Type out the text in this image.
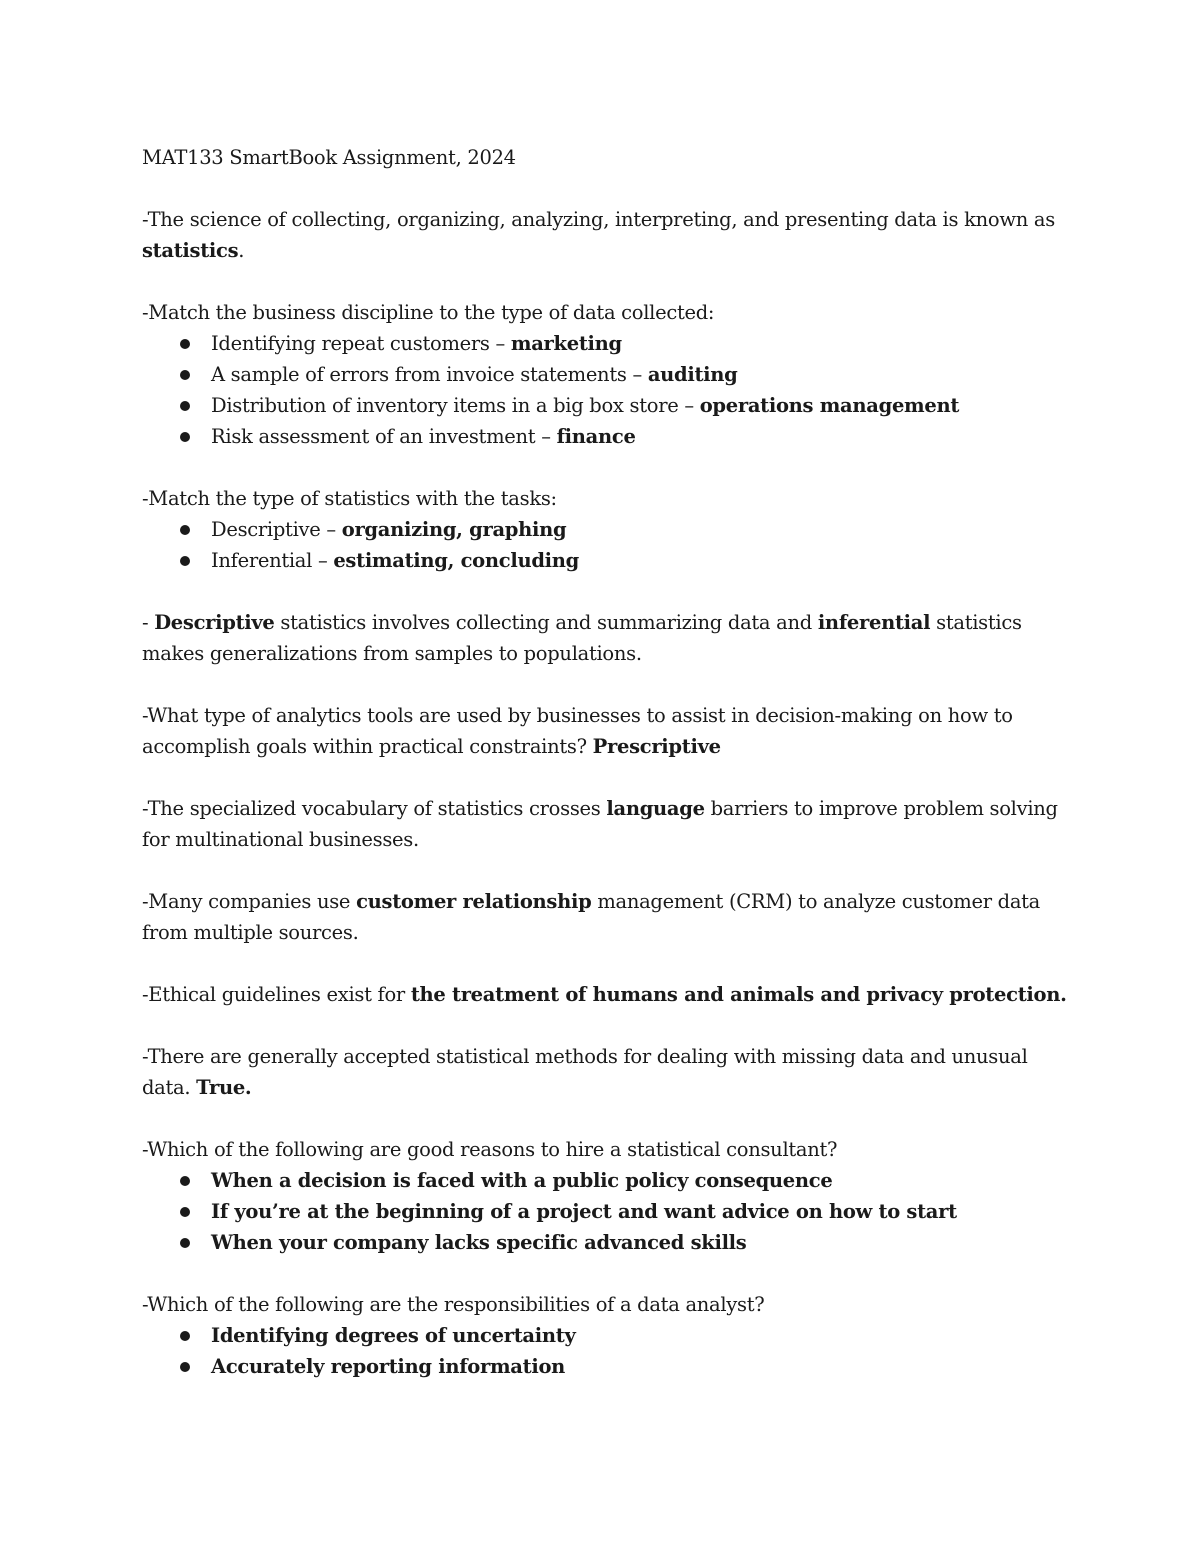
MAT133 SmartBook Assignment, 2024

-The science of collecting, organizing, analyzing, interpreting, and presenting data is known as statistics.

-Match the business discipline to the type of data collected:
Identifying repeat customers – marketing
A sample of errors from invoice statements – auditing
Distribution of inventory items in a big box store – operations management
Risk assessment of an investment – finance
-Match the type of statistics with the tasks:
Descriptive – organizing, graphing
Inferential – estimating, concluding

- Descriptive statistics involves collecting and summarizing data and inferential statistics makes generalizations from samples to populations.

-What type of analytics tools are used by businesses to assist in decision-making on how to accomplish goals within practical constraints? Prescriptive

-The specialized vocabulary of statistics crosses language barriers to improve problem solving for multinational businesses.

-Many companies use customer relationship management (CRM) to analyze customer data from multiple sources.

-Ethical guidelines exist for the treatment of humans and animals and privacy protection.

-There are generally accepted statistical methods for dealing with missing data and unusual data. True.

-Which of the following are good reasons to hire a statistical consultant?
When a decision is faced with a public policy consequence
If you’re at the beginning of a project and want advice on how to start
When your company lacks specific advanced skills
-Which of the following are the responsibilities of a data analyst?
Identifying degrees of uncertainty
Accurately reporting information
